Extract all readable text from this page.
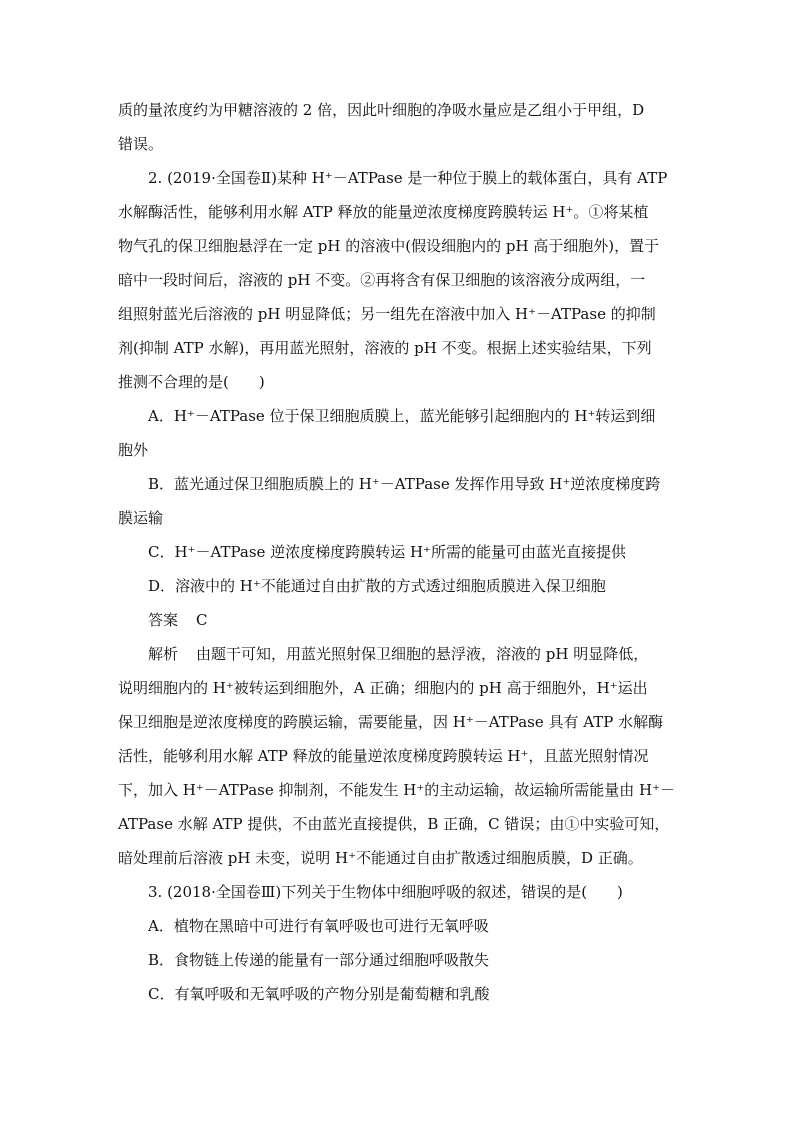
质的量浓度约为甲糖溶液的 2 倍，因此叶细胞的净吸水量应是乙组小于甲组，D
错误。
2. (2019·全国卷Ⅱ)某种 H⁺－ATPase 是一种位于膜上的载体蛋白，具有 ATP
水解酶活性，能够利用水解 ATP 释放的能量逆浓度梯度跨膜转运 H⁺。①将某植
物气孔的保卫细胞悬浮在一定 pH 的溶液中(假设细胞内的 pH 高于细胞外)，置于
暗中一段时间后，溶液的 pH 不变。②再将含有保卫细胞的该溶液分成两组，一
组照射蓝光后溶液的 pH 明显降低；另一组先在溶液中加入 H⁺－ATPase 的抑制
剂(抑制 ATP 水解)，再用蓝光照射，溶液的 pH 不变。根据上述实验结果，下列
推测不合理的是(　　)
A．H⁺－ATPase 位于保卫细胞质膜上，蓝光能够引起细胞内的 H⁺转运到细
胞外
B．蓝光通过保卫细胞质膜上的 H⁺－ATPase 发挥作用导致 H⁺逆浓度梯度跨
膜运输
C．H⁺－ATPase 逆浓度梯度跨膜转运 H⁺所需的能量可由蓝光直接提供
D．溶液中的 H⁺不能通过自由扩散的方式透过细胞质膜进入保卫细胞
答案 C
解析 由题干可知，用蓝光照射保卫细胞的悬浮液，溶液的 pH 明显降低，
说明细胞内的 H⁺被转运到细胞外，A 正确；细胞内的 pH 高于细胞外，H⁺运出
保卫细胞是逆浓度梯度的跨膜运输，需要能量，因 H⁺－ATPase 具有 ATP 水解酶
活性，能够利用水解 ATP 释放的能量逆浓度梯度跨膜转运 H⁺，且蓝光照射情况
下，加入 H⁺－ATPase 抑制剂，不能发生 H⁺的主动运输，故运输所需能量由 H⁺－
ATPase 水解 ATP 提供，不由蓝光直接提供，B 正确，C 错误；由①中实验可知，
暗处理前后溶液 pH 未变，说明 H⁺不能通过自由扩散透过细胞质膜，D 正确。
3. (2018·全国卷Ⅲ)下列关于生物体中细胞呼吸的叙述，错误的是(　　)
A．植物在黑暗中可进行有氧呼吸也可进行无氧呼吸
B．食物链上传递的能量有一部分通过细胞呼吸散失
C．有氧呼吸和无氧呼吸的产物分别是葡萄糖和乳酸
